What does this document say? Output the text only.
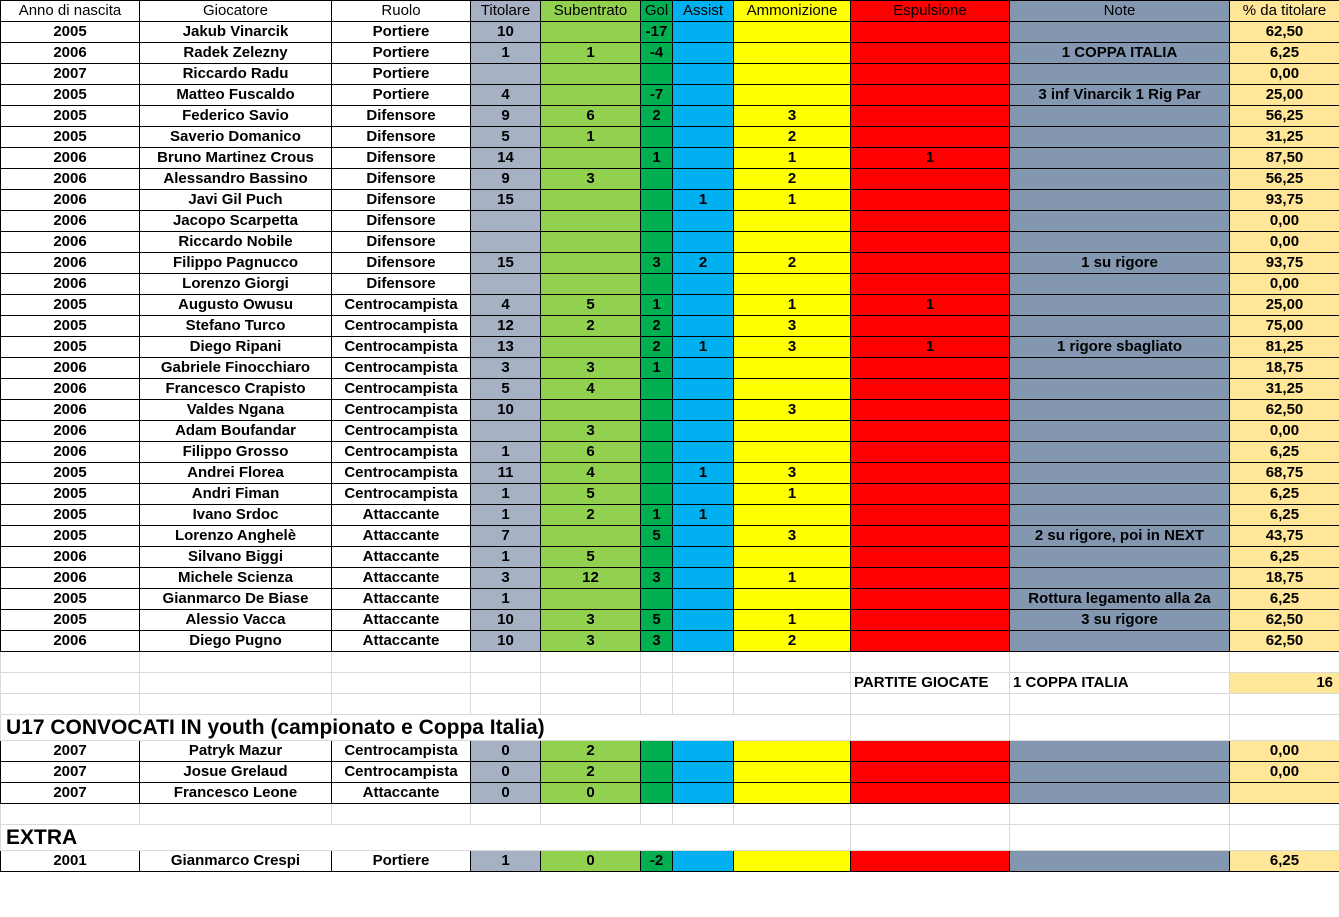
Anno di nascita	Giocatore	Ruolo	Titolare	Subentrato	Gol	Assist	Ammonizione	Espulsione	Note	% da titolare
2005	Jakub Vinarcik	Portiere	10		-17					62,50
2006	Radek Zelezny	Portiere	1	1	-4				1 COPPA ITALIA	6,25
2007	Riccardo Radu	Portiere								0,00
2005	Matteo Fuscaldo	Portiere	4		-7				3 inf Vinarcik 1 Rig Par	25,00
2005	Federico Savio	Difensore	9	6	2		3			56,25
2005	Saverio Domanico	Difensore	5	1			2			31,25
2006	Bruno Martinez Crous	Difensore	14		1		1	1		87,50
2006	Alessandro Bassino	Difensore	9	3			2			56,25
2006	Javi Gil Puch	Difensore	15			1	1			93,75
2006	Jacopo Scarpetta	Difensore								0,00
2006	Riccardo Nobile	Difensore								0,00
2006	Filippo Pagnucco	Difensore	15		3	2	2		1 su rigore	93,75
2006	Lorenzo Giorgi	Difensore								0,00
2005	Augusto Owusu	Centrocampista	4	5	1		1	1		25,00
2005	Stefano Turco	Centrocampista	12	2	2		3			75,00
2005	Diego Ripani	Centrocampista	13		2	1	3	1	1 rigore sbagliato	81,25
2006	Gabriele Finocchiaro	Centrocampista	3	3	1					18,75
2006	Francesco Crapisto	Centrocampista	5	4						31,25
2006	Valdes Ngana	Centrocampista	10				3			62,50
2006	Adam Boufandar	Centrocampista		3						0,00
2006	Filippo Grosso	Centrocampista	1	6						6,25
2005	Andrei Florea	Centrocampista	11	4		1	3			68,75
2005	Andri Fiman	Centrocampista	1	5			1			6,25
2005	Ivano Srdoc	Attaccante	1	2	1	1				6,25
2005	Lorenzo Anghelè	Attaccante	7		5		3		2 su rigore, poi in NEXT	43,75
2006	Silvano Biggi	Attaccante	1	5						6,25
2006	Michele Scienza	Attaccante	3	12	3		1			18,75
2005	Gianmarco De Biase	Attaccante	1						Rottura legamento alla 2a	6,25
2005	Alessio Vacca	Attaccante	10	3	5		1		3 su rigore	62,50
2006	Diego Pugno	Attaccante	10	3	3		2			62,50

								PARTITE GIOCATE	1 COPPA ITALIA	16

U17 CONVOCATI IN youth (campionato e Coppa Italia)										
2007	Patryk Mazur	Centrocampista	0	2						0,00
2007	Josue Grelaud	Centrocampista	0	2						0,00
2007	Francesco Leone	Attaccante	0	0						

EXTRA										
2001	Gianmarco Crespi	Portiere	1	0	-2					6,25
